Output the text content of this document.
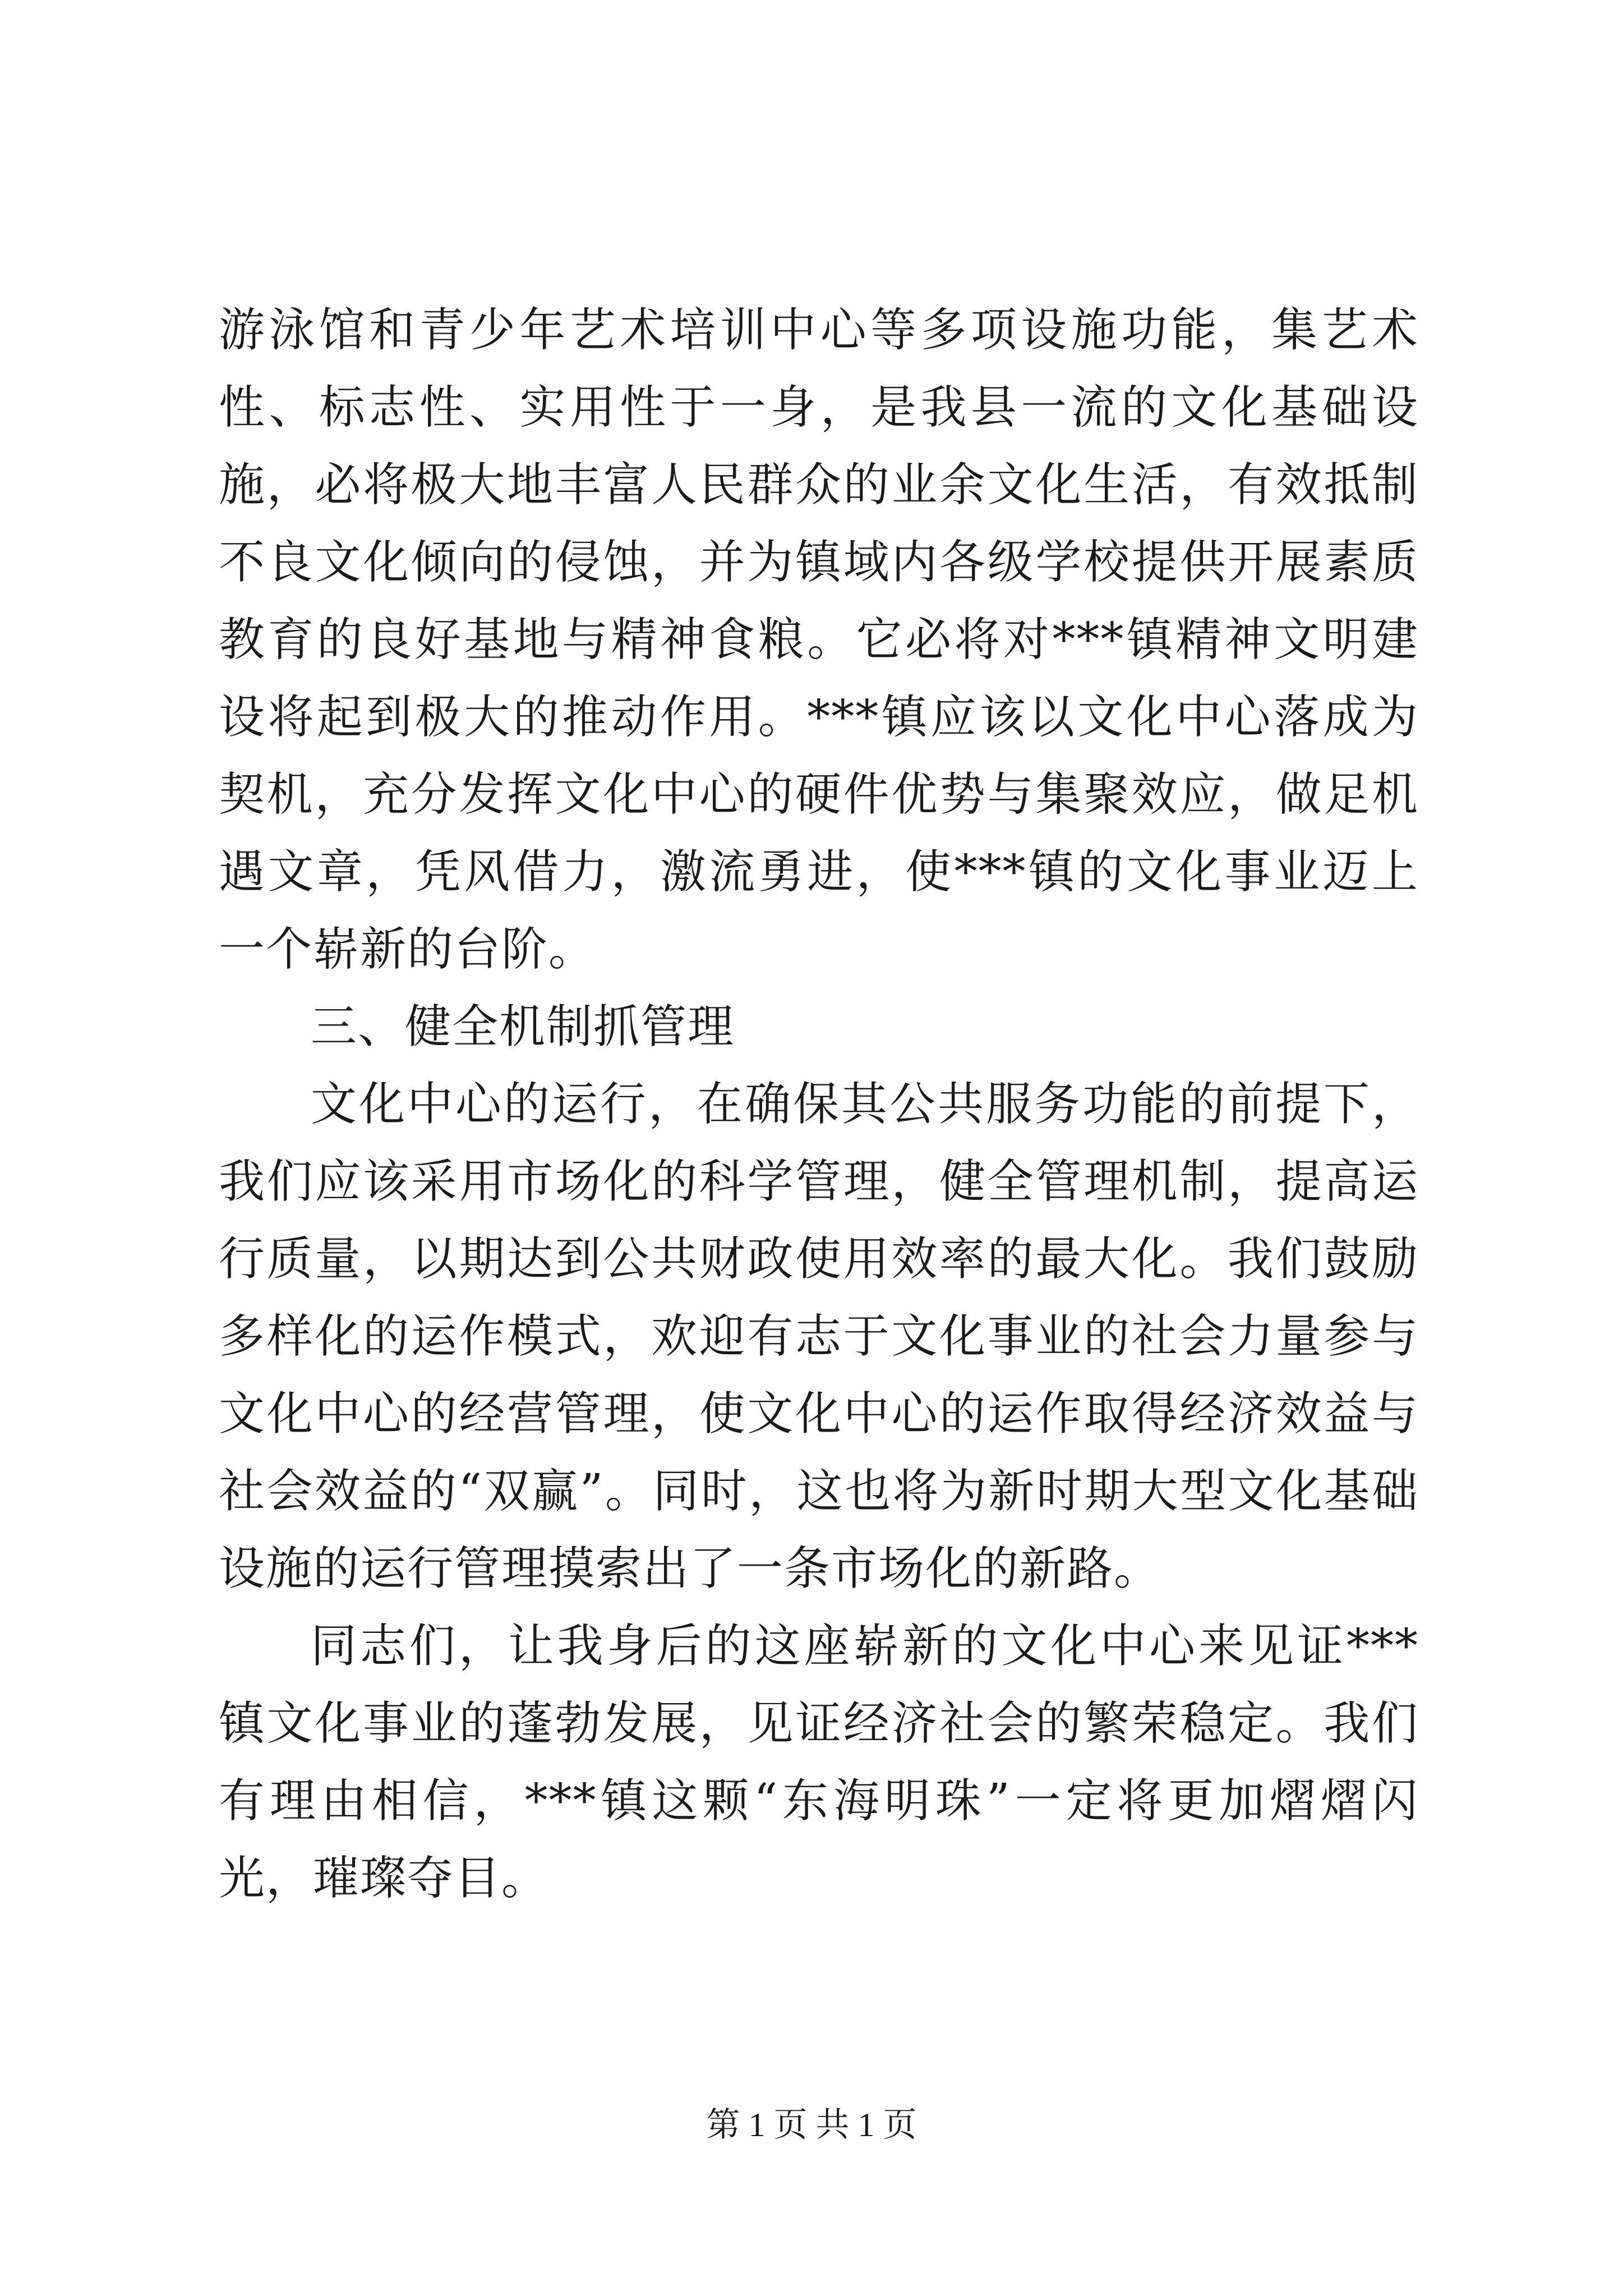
游泳馆和青少年艺术培训中心等多项设施功能，集艺术性、标志性、实用性于一身，是我县一流的文化基础设施，必将极大地丰富人民群众的业余文化生活，有效抵制不良文化倾向的侵蚀，并为镇域内各级学校提供开展素质教育的良好基地与精神食粮。它必将对***镇精神文明建设将起到极大的推动作用。***镇应该以文化中心落成为契机，充分发挥文化中心的硬件优势与集聚效应，做足机遇文章，凭风借力，激流勇进，使***镇的文化事业迈上一个崭新的台阶。

三、健全机制抓管理

文化中心的运行，在确保其公共服务功能的前提下，我们应该采用市场化的科学管理，健全管理机制，提高运行质量，以期达到公共财政使用效率的最大化。我们鼓励多样化的运作模式，欢迎有志于文化事业的社会力量参与文化中心的经营管理，使文化中心的运作取得经济效益与社会效益的“双赢”。同时，这也将为新时期大型文化基础设施的运行管理摸索出了一条市场化的新路。

同志们，让我身后的这座崭新的文化中心来见证***镇文化事业的蓬勃发展，见证经济社会的繁荣稳定。我们有理由相信，***镇这颗“东海明珠”一定将更加熠熠闪光，璀璨夺目。

第 1 页 共 1 页
